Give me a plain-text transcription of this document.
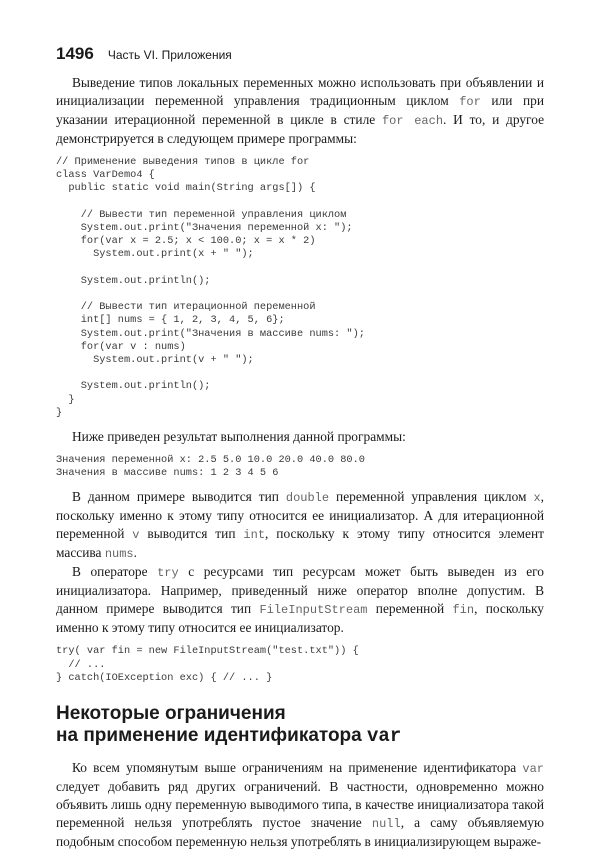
1496 Часть VI. Приложения

Выведение типов локальных переменных можно использовать при объявлении и инициализации переменной управления традиционным циклом for или при указании итерационной переменной в цикле в стиле for each. И то, и другое демонстрируется в следующем примере программы:

// Применение выведения типов в цикле for
class VarDemo4 {
public static void main(String args[]) {

// Вывести тип переменной управления циклом
System.out.print("Значения переменной x: ");
for(var x = 2.5; x < 100.0; x = x * 2)
System.out.print(x + " ");

System.out.println();

// Вывести тип итерационной переменной
int[] nums = { 1, 2, 3, 4, 5, 6};
System.out.print("Значения в массиве nums: ");
for(var v : nums)
System.out.print(v + " ");

System.out.println();
}
}

Ниже приведен результат выполнения данной программы:

Значения переменной x: 2.5 5.0 10.0 20.0 40.0 80.0
Значения в массиве nums: 1 2 3 4 5 6

В данном примере выводится тип double переменной управления циклом x, поскольку именно к этому типу относится ее инициализатор. А для итерационной переменной v выводится тип int, поскольку к этому типу относится элемент массива nums.

В операторе try с ресурсами тип ресурсам может быть выведен из его инициализатора. Например, приведенный ниже оператор вполне допустим. В данном примере выводится тип FileInputStream переменной fin, поскольку именно к этому типу относится ее инициализатор.

try( var fin = new FileInputStream("test.txt")) {
// ...
} catch(IOException exc) { // ... }
Некоторые ограничения
на применение идентификатора var

Ко всем упомянутым выше ограничениям на применение идентификатора var следует добавить ряд других ограничений. В частности, одновременно можно объявить лишь одну переменную выводимого типа, в качестве инициализатора такой переменной нельзя употреблять пустое значение null, а саму объявляемую подобным способом переменную нельзя употреблять в инициализирующем выраже-
